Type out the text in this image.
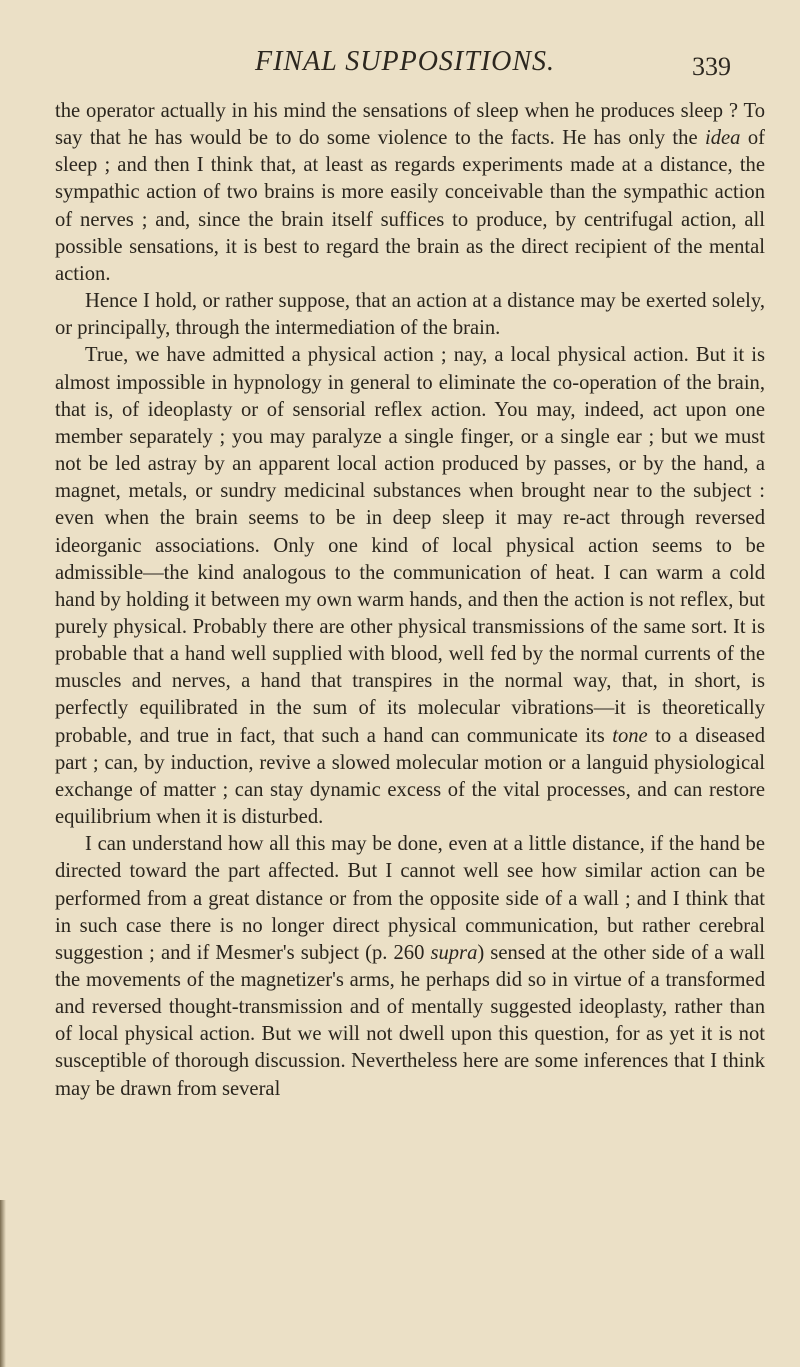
FINAL SUPPOSITIONS.	339

the operator actually in his mind the sensations of sleep when he produces sleep ? To say that he has would be to do some violence to the facts. He has only the idea of sleep ; and then I think that, at least as regards experiments made at a distance, the sympathic action of two brains is more easily conceivable than the sympathic action of nerves ; and, since the brain itself suffices to produce, by centrifugal action, all possible sensations, it is best to regard the brain as the direct recipient of the mental action.

Hence I hold, or rather suppose, that an action at a distance may be exerted solely, or principally, through the intermediation of the brain.

True, we have admitted a physical action ; nay, a local physical action. But it is almost impossible in hypnology in general to eliminate the co-operation of the brain, that is, of ideoplasty or of sensorial reflex action. You may, indeed, act upon one member separately ; you may paralyze a single finger, or a single ear ; but we must not be led astray by an apparent local action produced by passes, or by the hand, a magnet, metals, or sundry medicinal substances when brought near to the subject : even when the brain seems to be in deep sleep it may re-act through reversed ideorganic associations. Only one kind of local physical action seems to be admissible—the kind analogous to the communication of heat. I can warm a cold hand by holding it between my own warm hands, and then the action is not reflex, but purely physical. Probably there are other physical transmissions of the same sort. It is probable that a hand well supplied with blood, well fed by the normal currents of the muscles and nerves, a hand that transpires in the normal way, that, in short, is perfectly equilibrated in the sum of its molecular vibrations—it is theoretically probable, and true in fact, that such a hand can communicate its tone to a diseased part ; can, by induction, revive a slowed molecular motion or a languid physiological exchange of matter ; can stay dynamic excess of the vital processes, and can restore equilibrium when it is disturbed.

I can understand how all this may be done, even at a little distance, if the hand be directed toward the part affected. But I cannot well see how similar action can be performed from a great distance or from the opposite side of a wall ; and I think that in such case there is no longer direct physical communication, but rather cerebral suggestion ; and if Mesmer's subject (p. 260 supra) sensed at the other side of a wall the movements of the magnetizer's arms, he perhaps did so in virtue of a transformed and reversed thought-transmission and of mentally suggested ideoplasty, rather than of local physical action. But we will not dwell upon this question, for as yet it is not susceptible of thorough discussion. Nevertheless here are some inferences that I think may be drawn from several
